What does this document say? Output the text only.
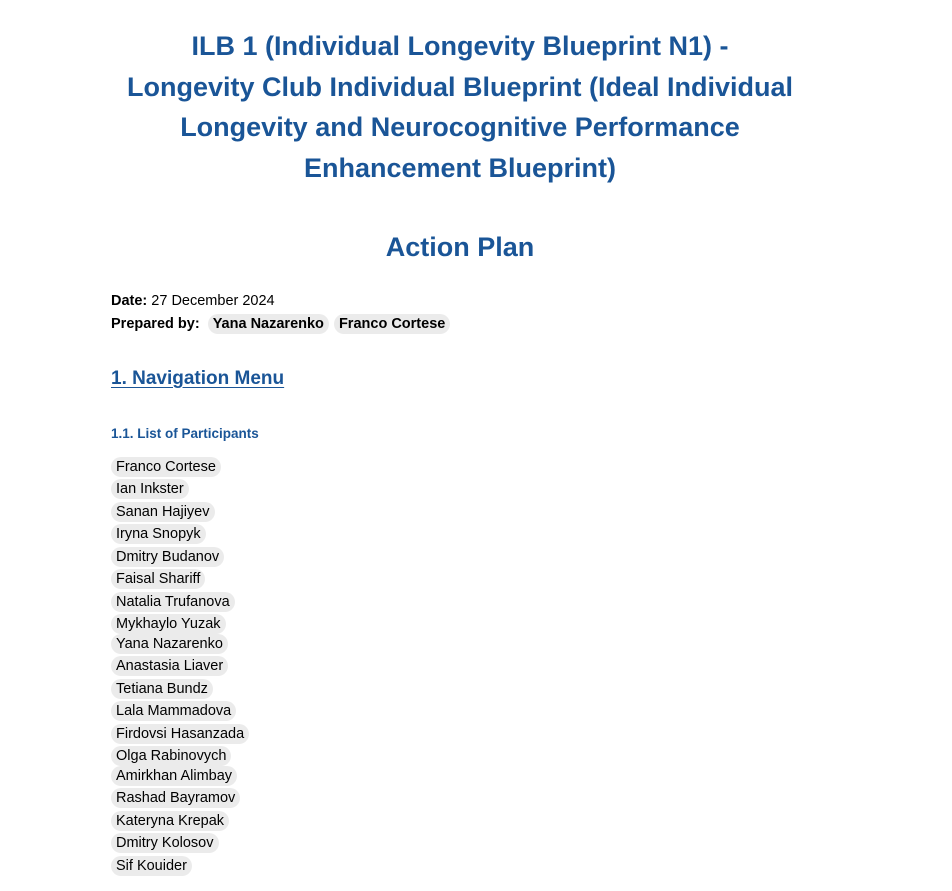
ILB 1 (Individual Longevity Blueprint N1) -
Longevity Club Individual Blueprint (Ideal Individual
Longevity and Neurocognitive Performance
Enhancement Blueprint)
Action Plan
Date: 27 December 2024
Prepared by: Yana Nazarenko Franco Cortese
1. Navigation Menu
1.1. List of Participants
Franco Cortese
Ian Inkster
Sanan Hajiyev
Iryna Snopyk
Dmitry Budanov
Faisal Shariff
Natalia Trufanova
Mykhaylo Yuzak
Yana Nazarenko
Anastasia Liaver
Tetiana Bundz
Lala Mammadova
Firdovsi Hasanzada
Olga Rabinovych
Amirkhan Alimbay
Rashad Bayramov
Kateryna Krepak
Dmitry Kolosov
Sif Kouider
